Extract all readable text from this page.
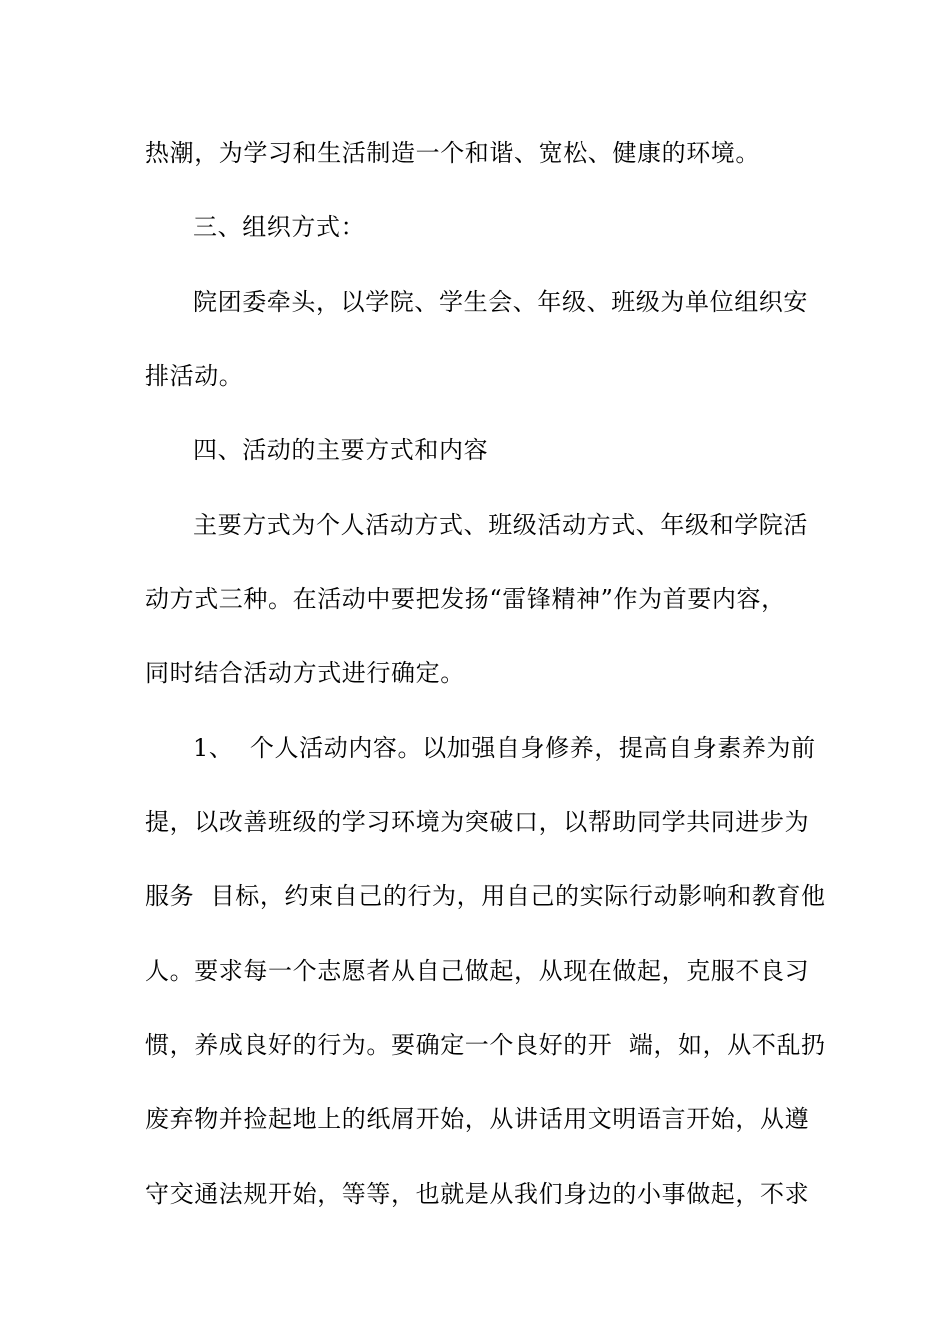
热潮，为学习和生活制造一个和谐、宽松、健康的环境。
三、组织方式：
院团委牵头，以学院、学生会、年级、班级为单位组织安
排活动。
四、活动的主要方式和内容
主要方式为个人活动方式、班级活动方式、年级和学院活
动方式三种。在活动中要把发扬“雷锋精神”作为首要内容，
同时结合活动方式进行确定。
1、  个人活动内容。以加强自身修养，提高自身素养为前
提，以改善班级的学习环境为突破口，以帮助同学共同进步为
服务  目标，约束自己的行为，用自己的实际行动影响和教育他
人。要求每一个志愿者从自己做起，从现在做起，克服不良习
惯，养成良好的行为。要确定一个良好的开  端，如，从不乱扔
废弃物并捡起地上的纸屑开始，从讲话用文明语言开始，从遵
守交通法规开始，等等，也就是从我们身边的小事做起，不求
